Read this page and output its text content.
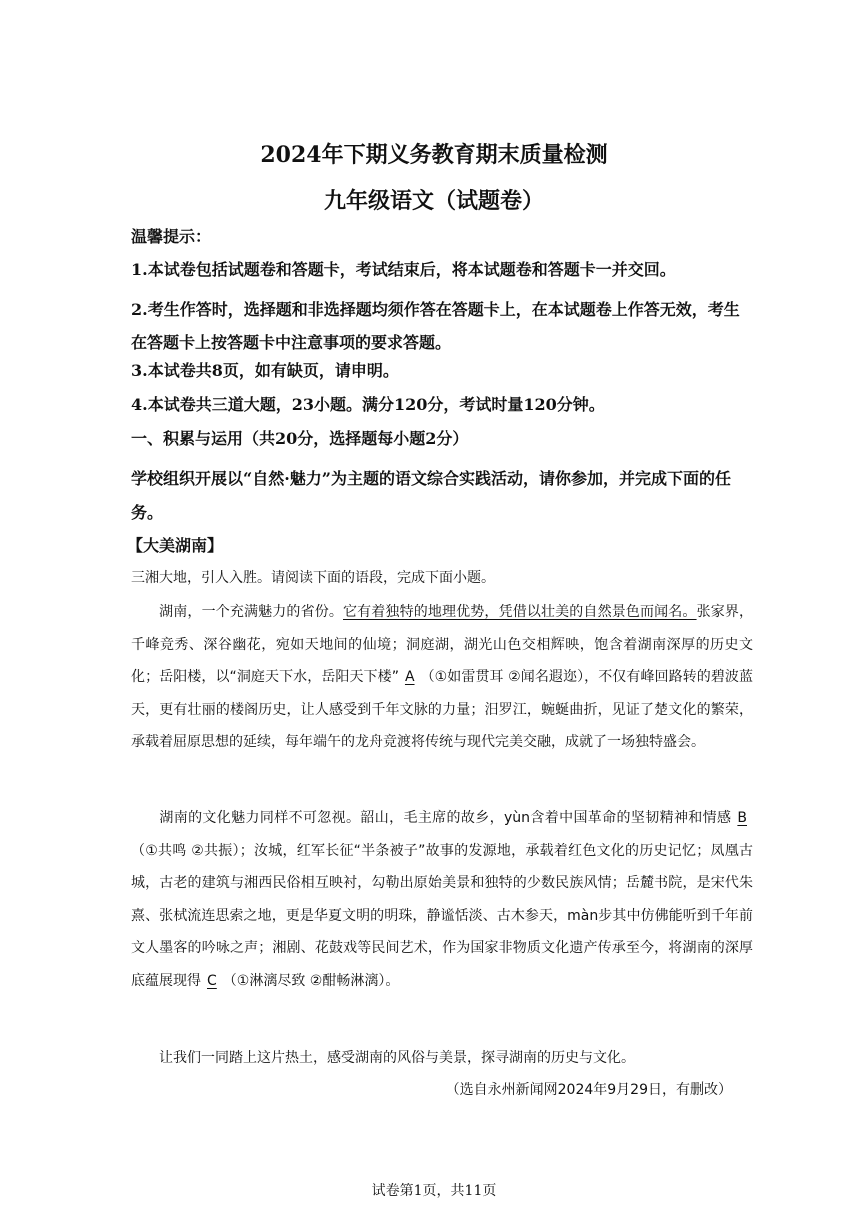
2024年下期义务教育期末质量检测
九年级语文（试题卷）
温馨提示：
1.本试卷包括试题卷和答题卡，考试结束后，将本试题卷和答题卡一并交回。
2.考生作答时，选择题和非选择题均须作答在答题卡上，在本试题卷上作答无效，考生在答题卡上按答题卡中注意事项的要求答题。
3.本试卷共8页，如有缺页，请申明。
4.本试卷共三道大题，23小题。满分120分，考试时量120分钟。
一、积累与运用（共20分，选择题每小题2分）
学校组织开展以“自然·魅力”为主题的语文综合实践活动，请你参加，并完成下面的任务。
【大美湖南】
三湘大地，引人入胜。请阅读下面的语段，完成下面小题。
湖南，一个充满魅力的省份。它有着独特的地理优势，凭借以壮美的自然景色而闻名。张家界，千峰竞秀、深谷幽花，宛如天地间的仙境；洞庭湖，湖光山色交相辉映，饱含着湖南深厚的历史文化；岳阳楼，以“洞庭天下水，岳阳天下楼” A （①如雷贯耳 ②闻名遐迩），不仅有峰回路转的碧波蓝天，更有壮丽的楼阁历史，让人感受到千年文脉的力量；汨罗江，蜿蜒曲折，见证了楚文化的繁荣，承载着屈原思想的延续，每年端午的龙舟竞渡将传统与现代完美交融，成就了一场独特盛会。
湖南的文化魅力同样不可忽视。韶山，毛主席的故乡，yùn含着中国革命的坚韧精神和情感 B（①共鸣 ②共振）；汝城，红军长征“半条被子”故事的发源地，承载着红色文化的历史记忆；凤凰古城，古老的建筑与湘西民俗相互映衬，勾勒出原始美景和独特的少数民族风情；岳麓书院，是宋代朱熹、张栻流连思索之地，更是华夏文明的明珠，静谧恬淡、古木参天，màn步其中仿佛能听到千年前文人墨客的吟咏之声；湘剧、花鼓戏等民间艺术，作为国家非物质文化遗产传承至今，将湖南的深厚底蕴展现得 C （①淋漓尽致 ②酣畅淋漓）。
让我们一同踏上这片热土，感受湖南的风俗与美景，探寻湖南的历史与文化。
（选自永州新闻网2024年9月29日，有删改）
试卷第1页，共11页
